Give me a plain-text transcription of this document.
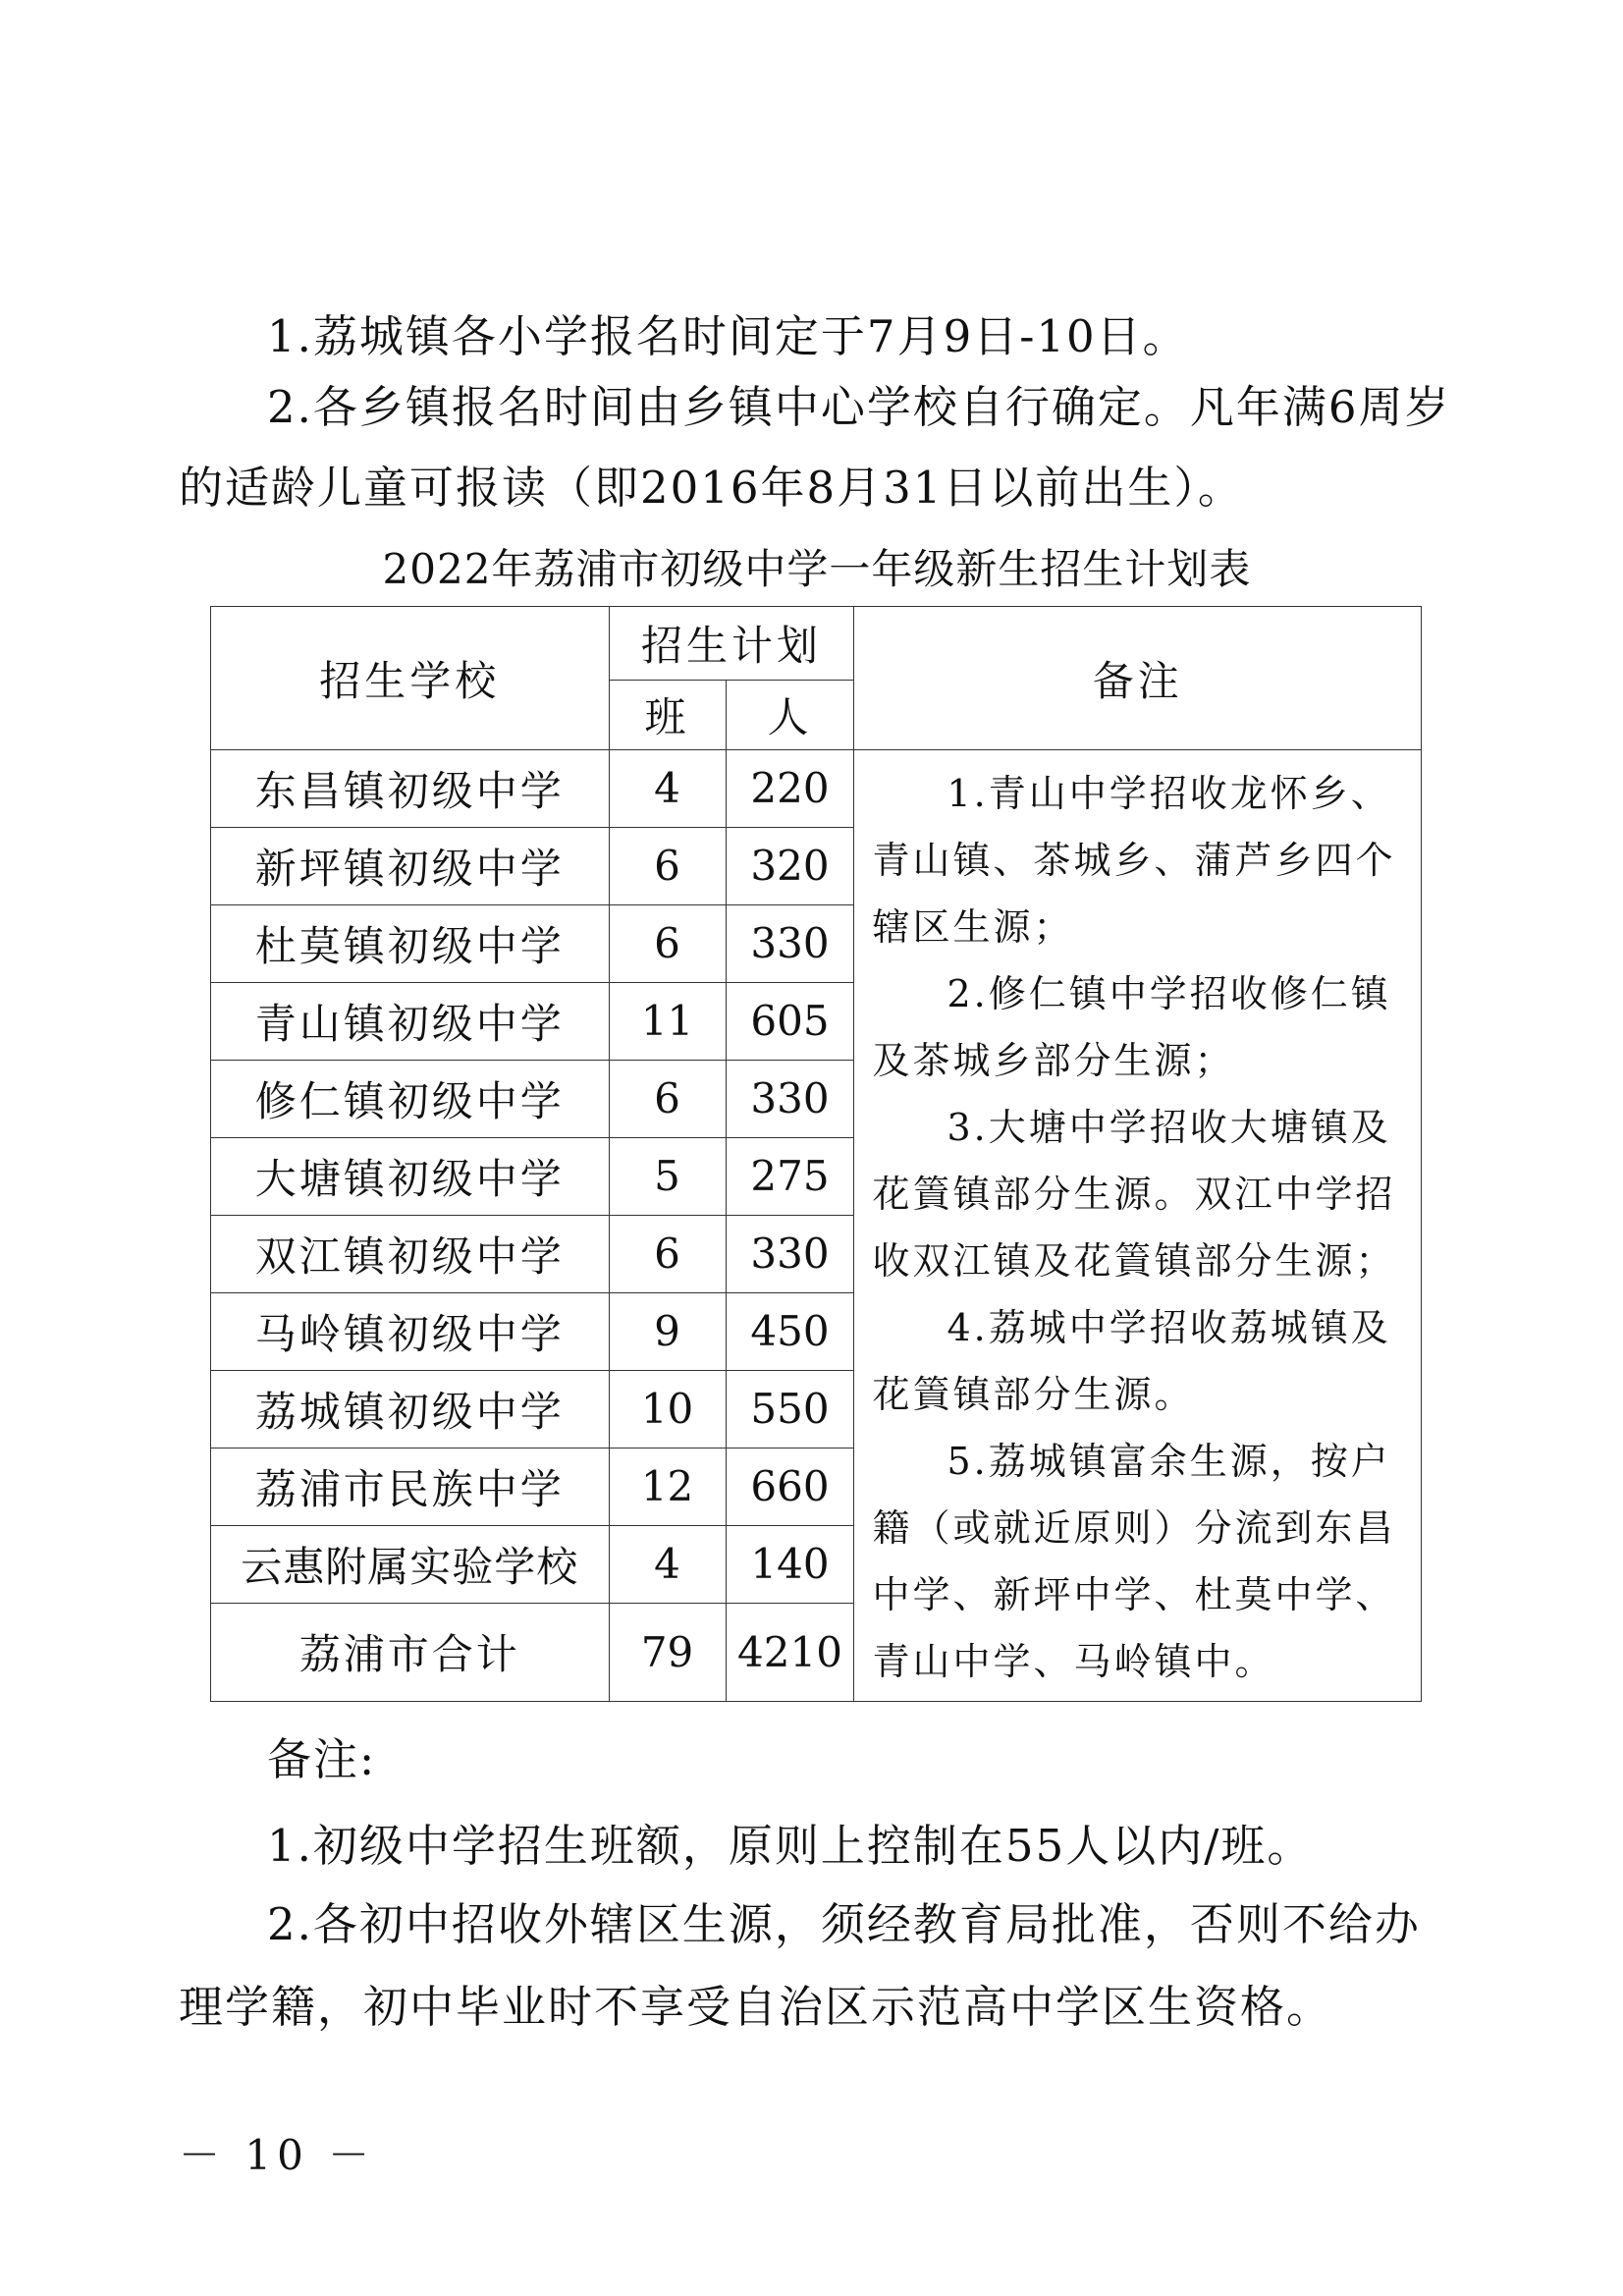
1.荔城镇各小学报名时间定于7月9日-10日。

2.各乡镇报名时间由乡镇中心学校自行确定。凡年满6周岁的适龄儿童可报读（即2016年8月31日以前出生）。

2022年荔浦市初级中学一年级新生招生计划表
招生学校	招生计划		备注
	班	人	
东昌镇初级中学	4	220	1.青山中学招收龙怀乡、青山镇、茶城乡、蒲芦乡四个辖区生源；

2.修仁镇中学招收修仁镇及茶城乡部分生源；

3.大塘中学招收大塘镇及花篢镇部分生源。双江中学招收双江镇及花篢镇部分生源；

4.荔城中学招收荔城镇及花篢镇部分生源。

5.荔城镇富余生源，按户籍（或就近原则）分流到东昌中学、新坪中学、杜莫中学、青山中学、马岭镇中。

新坪镇初级中学	6	320	
杜莫镇初级中学	6	330	
青山镇初级中学	11	605	
修仁镇初级中学	6	330	
大塘镇初级中学	5	275	
双江镇初级中学	6	330	
马岭镇初级中学	9	450	
荔城镇初级中学	10	550	
荔浦市民族中学	12	660	
云惠附属实验学校	4	140	
荔浦市合计	79	4210	

备注:

1.初级中学招生班额，原则上控制在55人以内/班。

2.各初中招收外辖区生源，须经教育局批准，否则不给办理学籍，初中毕业时不享受自治区示范高中学区生资格。

－ 10 －
